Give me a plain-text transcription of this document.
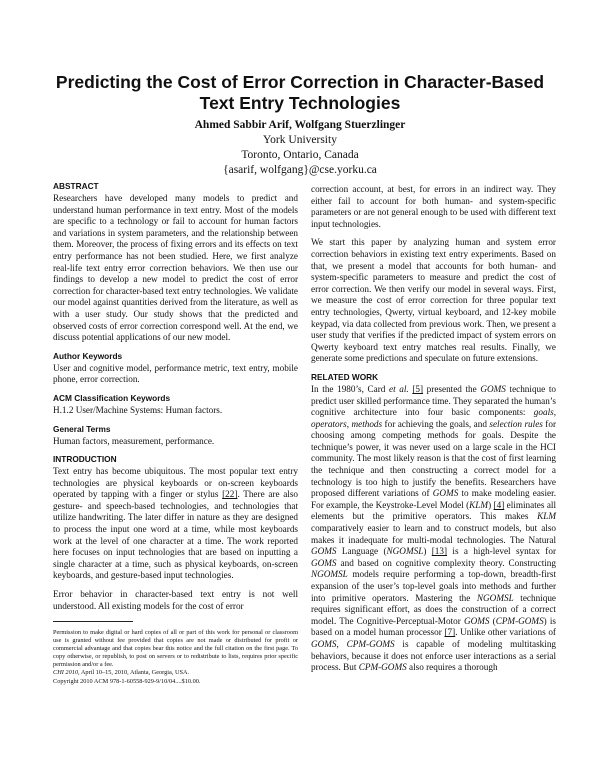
Predicting the Cost of Error Correction in Character-Based
Text Entry Technologies
Ahmed Sabbir Arif, Wolfgang Stuerzlinger
York University
Toronto, Ontario, Canada
{asarif, wolfgang}@cse.yorku.ca
ABSTRACT

Researchers have developed many models to predict and understand human performance in text entry. Most of the models are specific to a technology or fail to account for human factors and variations in system parameters, and the relationship between them. Moreover, the process of fixing errors and its effects on text entry performance has not been studied. Here, we first analyze real-life text entry error correction behaviors. We then use our findings to develop a new model to predict the cost of error correction for character-based text entry technologies. We validate our model against quantities derived from the literature, as well as with a user study. Our study shows that the predicted and observed costs of error correction correspond well. At the end, we discuss potential applications of our new model.

Author Keywords

User and cognitive model, performance metric, text entry, mobile phone, error correction.

ACM Classification Keywords

H.1.2 User/Machine Systems: Human factors.

General Terms

Human factors, measurement, performance.

INTRODUCTION

Text entry has become ubiquitous. The most popular text entry technologies are physical keyboards or on-screen keyboards operated by tapping with a finger or stylus [22]. There are also gesture- and speech-based technologies, and technologies that utilize handwriting. The later differ in nature as they are designed to process the input one word at a time, while most keyboards work at the level of one character at a time. The work reported here focuses on input technologies that are based on inputting a single character at a time, such as physical keyboards, on-screen keyboards, and gesture-based input technologies.

Error behavior in character-based text entry is not well understood. All existing models for the cost of error

Permission to make digital or hard copies of all or part of this work for personal or classroom use is granted without fee provided that copies are not made or distributed for profit or commercial advantage and that copies bear this notice and the full citation on the first page. To copy otherwise, or republish, to post on servers or to redistribute to lists, requires prior specific permission and/or a fee.
CHI 2010, April 10–15, 2010, Atlanta, Georgia, USA.
Copyright 2010 ACM 978-1-60558-929-9/10/04....$10.00.

correction account, at best, for errors in an indirect way. They either fail to account for both human- and system-specific parameters or are not general enough to be used with different text input technologies.

We start this paper by analyzing human and system error correction behaviors in existing text entry experiments. Based on that, we present a model that accounts for both human- and system-specific parameters to measure and predict the cost of error correction. We then verify our model in several ways. First, we measure the cost of error correction for three popular text entry technologies, Qwerty, virtual keyboard, and 12-key mobile keypad, via data collected from previous work. Then, we present a user study that verifies if the predicted impact of system errors on Qwerty keyboard text entry matches real results. Finally, we generate some predictions and speculate on future extensions.

RELATED WORK

In the 1980’s, Card et al. [5] presented the GOMS technique to predict user skilled performance time. They separated the human’s cognitive architecture into four basic components: goals, operators, methods for achieving the goals, and selection rules for choosing among competing methods for goals. Despite the technique’s power, it was never used on a large scale in the HCI community. The most likely reason is that the cost of first learning the technique and then constructing a correct model for a technology is too high to justify the benefits. Researchers have proposed different variations of GOMS to make modeling easier. For example, the Keystroke-Level Model (KLM) [4] eliminates all elements but the primitive operators. This makes KLM comparatively easier to learn and to construct models, but also makes it inadequate for multi-modal technologies. The Natural GOMS Language (NGOMSL) [13] is a high-level syntax for GOMS and based on cognitive complexity theory. Constructing NGOMSL models require performing a top-down, breadth-first expansion of the user’s top-level goals into methods and further into primitive operators. Mastering the NGOMSL technique requires significant effort, as does the construction of a correct model. The Cognitive-Perceptual-Motor GOMS (CPM-GOMS) is based on a model human processor [7]. Unlike other variations of GOMS, CPM-GOMS is capable of modeling multitasking behaviors, because it does not enforce user interactions as a serial process. But CPM-GOMS also requires a thorough
